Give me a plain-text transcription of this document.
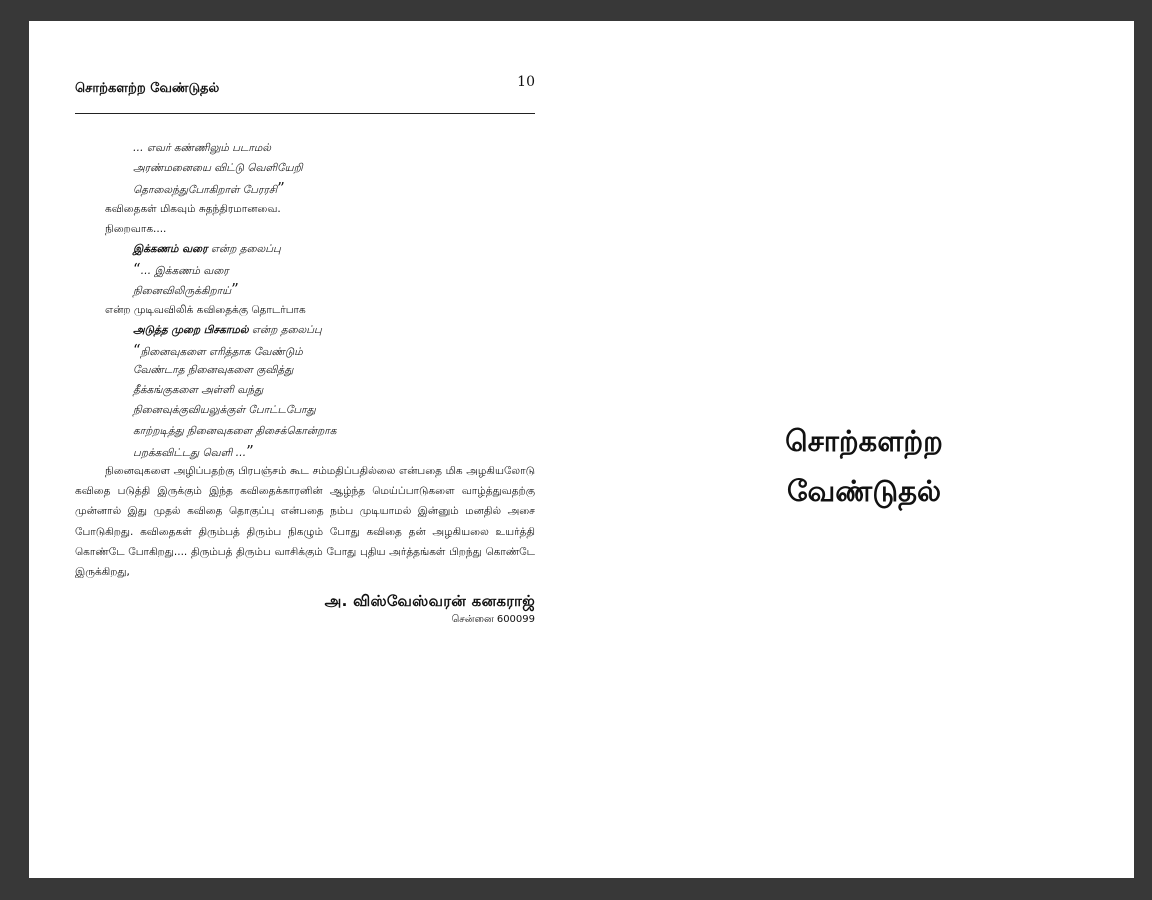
சொற்களற்ற வேண்டுதல்	10
… எவர் கண்ணிலும் படாமல்
அரண்மனையை விட்டு வெளியேறி
தொலைந்துபோகிறாள் பேரரசி”
கவிதைகள் மிகவும் சுதந்திரமானவை.
நிறைவாக....
இக்கணம் வரை என்ற தலைப்பு
“… இக்கணம் வரை
நினைவிலிருக்கிறாய்”
என்ற முடிவவிலிக் கவிதைக்கு தொடர்பாக
அடுத்த முறை பிசகாமல் என்ற தலைப்பு
“நினைவுகளை எரித்தாக வேண்டும்
வேண்டாத நினைவுகளை குவித்து
தீக்கங்குகளை அள்ளி வந்து
நினைவுக்குவியலுக்குள் போட்டபோது
காற்றடித்து நினைவுகளை திசைக்கொன்றாக
பறக்கவிட்டது வெளி …”

நினைவுகளை அழிப்பதற்கு பிரபஞ்சம் கூட சம்மதிப்பதில்லை என்பதை மிக அழகியலோடு கவிதை படுத்தி இருக்கும் இந்த கவிதைக்காரனின் ஆழ்ந்த மெய்ப்பாடுகளை வாழ்த்துவதற்கு முன்னால் இது முதல் கவிதை தொகுப்பு என்பதை நம்ப முடியாமல் இன்னும் மனதில் அசை போடுகிறது. கவிதைகள் திரும்பத் திரும்ப நிகழும் போது கவிதை தன் அழகியலை உயர்த்தி கொண்டே போகிறது.... திரும்பத் திரும்ப வாசிக்கும் போது புதிய அர்த்தங்கள் பிறந்து கொண்டே இருக்கிறது,

அ. விஸ்வேஸ்வரன் கனகராஜ்
சென்னை 600099
சொற்களற்ற
வேண்டுதல்
